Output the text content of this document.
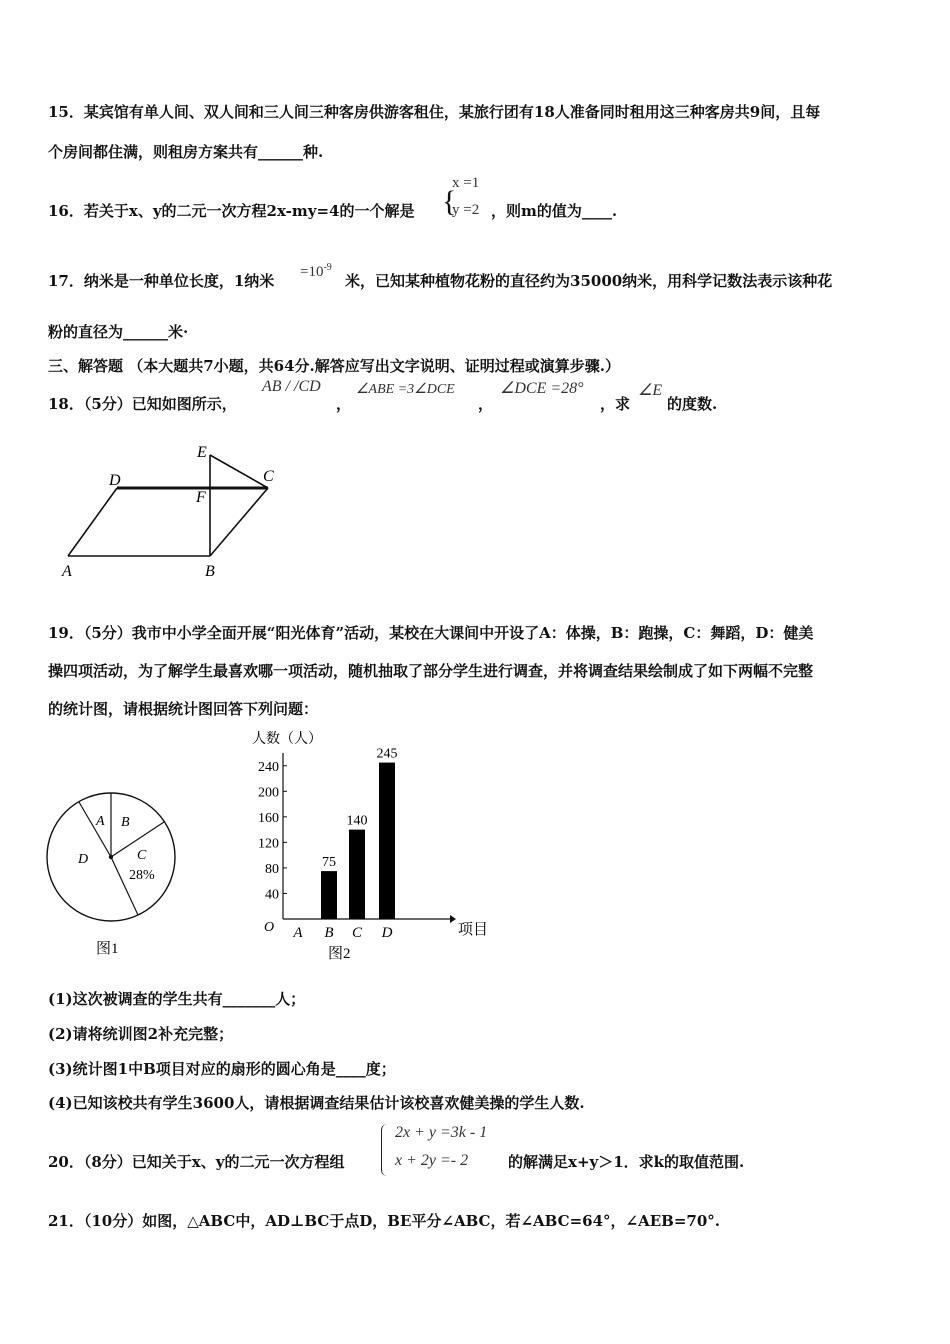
15．某宾馆有单人间、双人间和三人间三种客房供游客租住，某旅行团有18人准备同时租用这三种客房共9间，且每
个房间都住满，则租房方案共有______种.
16．若关于x、y的二元一次方程2x-my=4的一个解是 {
x =1
y =2 ，则m的值为____.
17．纳米是一种单位长度，1纳米 $=10^{-9}$
米，已知某种植物花粉的直径约为35000纳米，用科学记数法表示该种花
粉的直径为______米·
三、解答题 （本大题共7小题，共64分.解答应写出文字说明、证明过程或演算步骤.）
18．（5分）已知如图所示，
AB / /CD
，
∠ABE =3∠DCE
，
∠DCE =28°
，求
∠E
的度数.
E
D
F
C
A	B
19．（5分）我市中小学全面开展“阳光体育”活动，某校在大课间中开设了A：体操，B：跑操，C：舞蹈，D：健美
操四项活动，为了解学生最喜欢哪一项活动，随机抽取了部分学生进行调查，并将调查结果绘制成了如下两幅不完整
的统计图，请根据统计图回答下列问题：
A B
C
28%
D
图1
人数（人）
项目
O
40
80
120
160
200
240
A B
75
C
140
D
245
图2
(1)这次被调查的学生共有_______人；
(2)请将统训图2补充完整；
(3)统计图1中B项目对应的扇形的圆心角是____度；
(4)已知该校共有学生3600人，请根据调查结果估计该校喜欢健美操的学生人数.
20．（8分）已知关于x、y的二元一次方程组
2x + y =3k - 1
x + 2y =- 2	的解满足x+y＞1．求k的取值范围.
21．（10分）如图，△ABC中，AD⊥BC于点D，BE平分∠ABC，若∠ABC=64°，∠AEB=70°.
